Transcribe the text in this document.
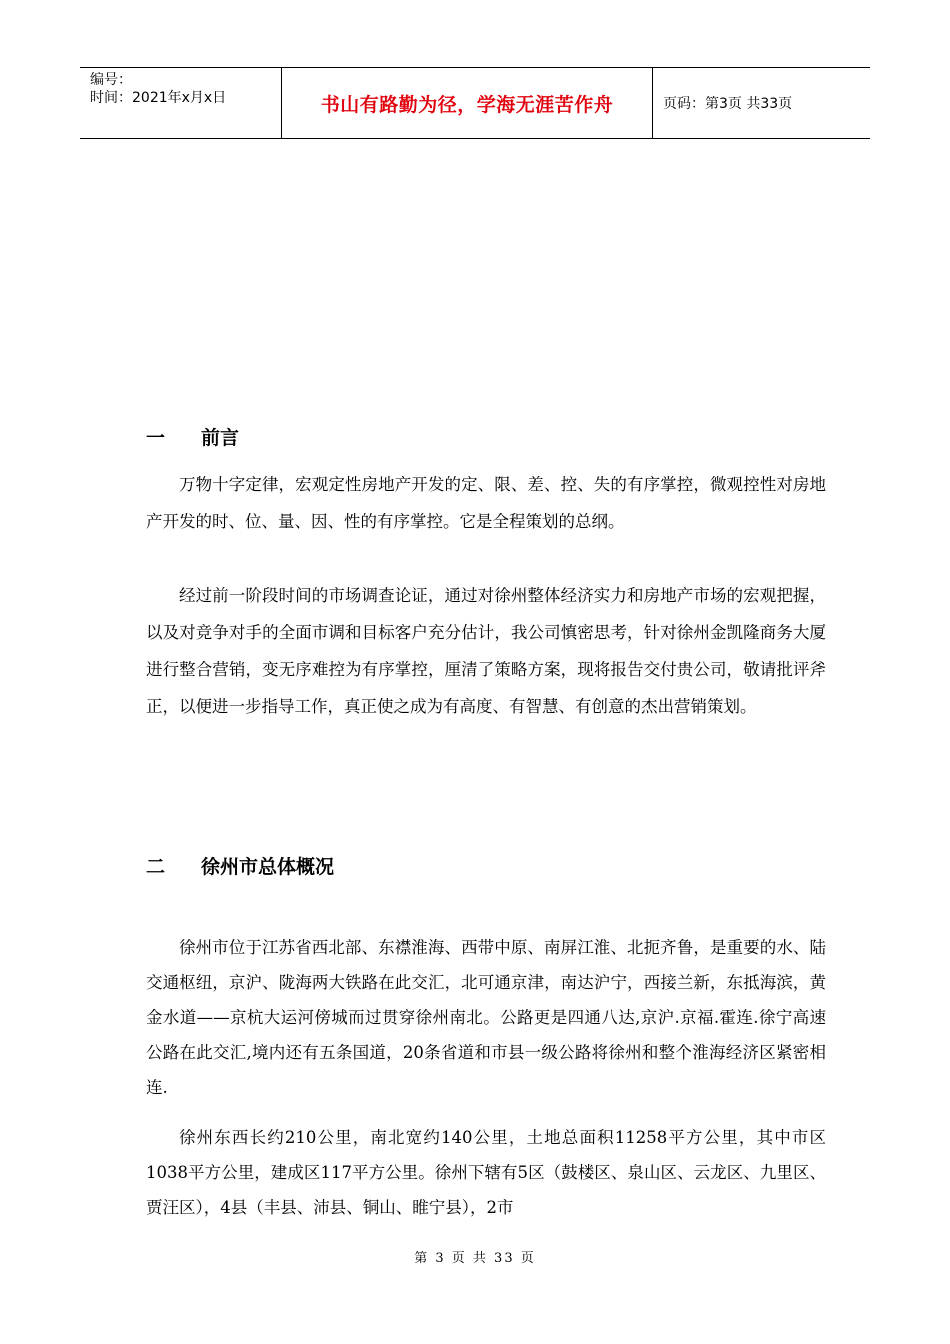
编号：
时间：2021年x月x日	书山有路勤为径，学海无涯苦作舟	页码：第3页 共33页
一	前言

万物十字定律，宏观定性房地产开发的定、限、差、控、失的有序掌控，微观控性对房地产开发的时、位、量、因、性的有序掌控。它是全程策划的总纲。

经过前一阶段时间的市场调查论证，通过对徐州整体经济实力和房地产市场的宏观把握，以及对竞争对手的全面市调和目标客户充分估计，我公司慎密思考，针对徐州金凯隆商务大厦进行整合营销，变无序难控为有序掌控，厘清了策略方案，现将报告交付贵公司，敬请批评斧正，以便进一步指导工作，真正使之成为有高度、有智慧、有创意的杰出营销策划。

二	徐州市总体概况

徐州市位于江苏省西北部、东襟淮海、西带中原、南屏江淮、北扼齐鲁，是重要的水、陆交通枢纽，京沪、陇海两大铁路在此交汇，北可通京津，南达沪宁，西接兰新，东抵海滨，黄金水道——京杭大运河傍城而过贯穿徐州南北。公路更是四通八达,京沪.京福.霍连.徐宁高速公路在此交汇,境内还有五条国道，20条省道和市县一级公路将徐州和整个淮海经济区紧密相连.

徐州东西长约210公里，南北宽约140公里，土地总面积11258平方公里，其中市区1038平方公里，建成区117平方公里。徐州下辖有5区（鼓楼区、泉山区、云龙区、九里区、贾汪区），4县（丰县、沛县、铜山、睢宁县），2市

第 3 页 共 33 页
